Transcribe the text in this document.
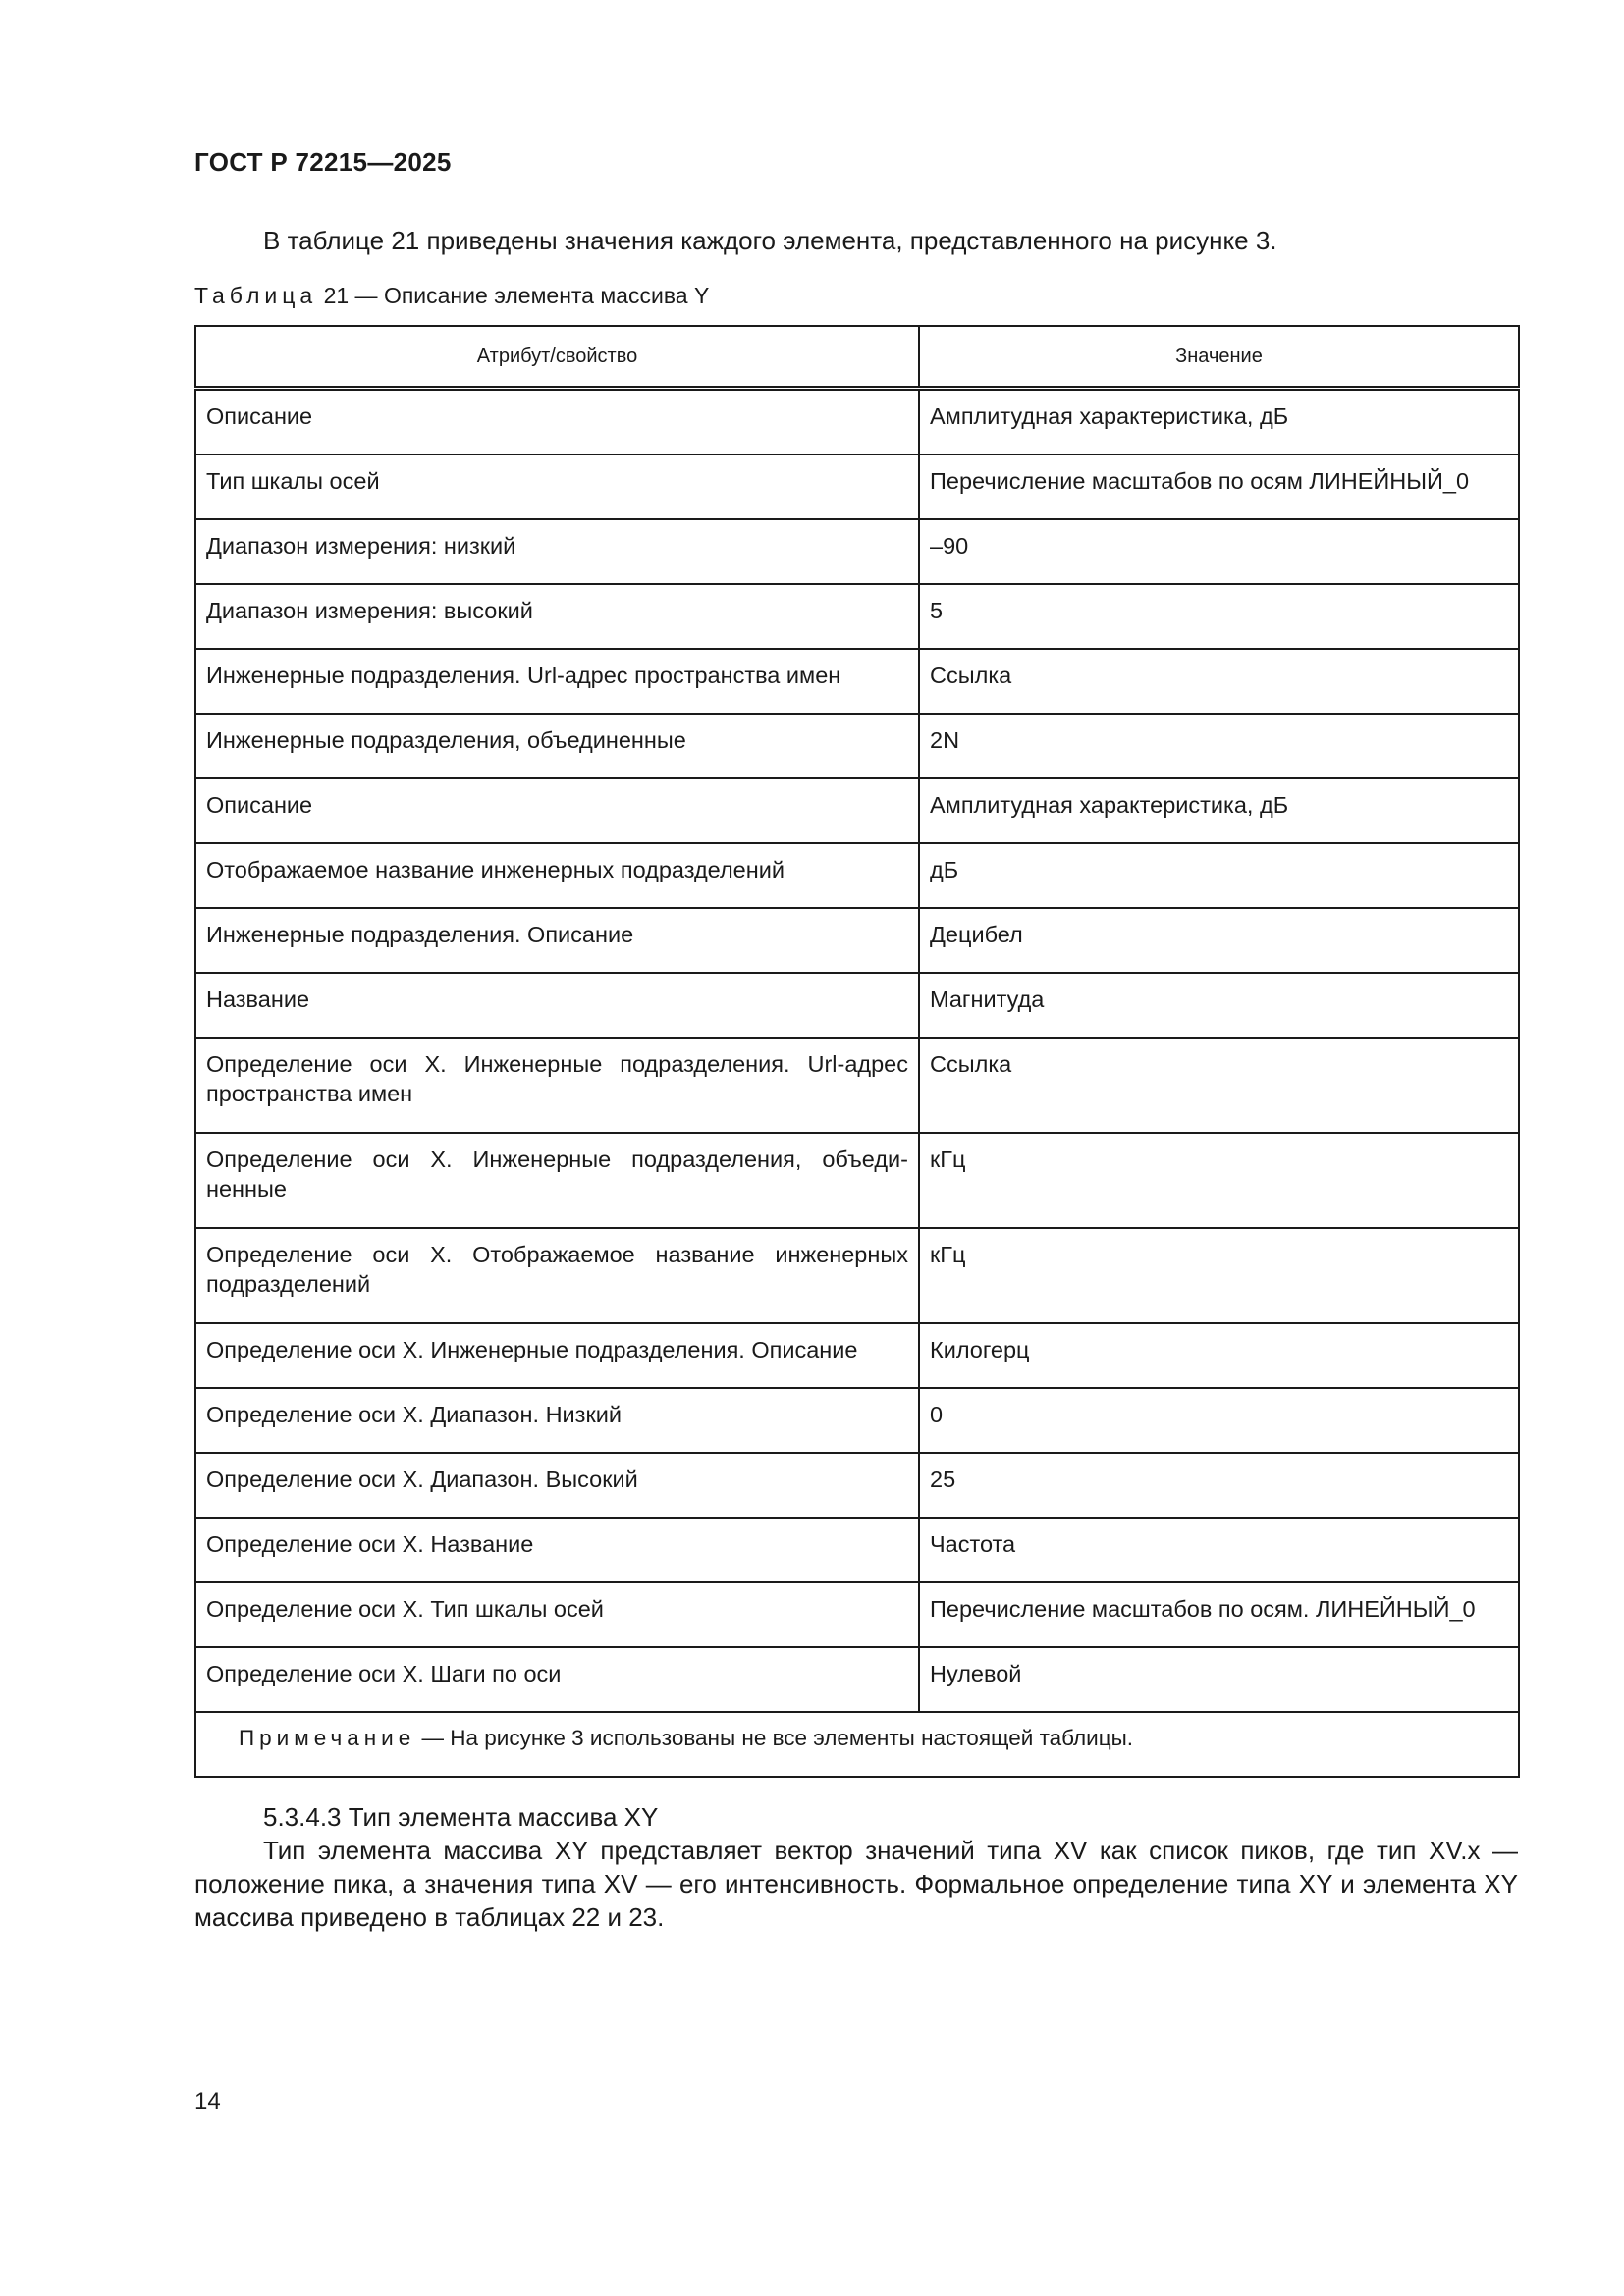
ГОСТ Р 72215—2025
В таблице 21 приведены значения каждого элемента, представленного на рисунке 3.
Таблица 21 — Описание элемента массива Y
Атрибут/свойство	Значение
Описание	Амплитудная характеристика, дБ
Тип шкалы осей	Перечисление масштабов по осям ЛИНЕЙНЫЙ_0
Диапазон измерения: низкий	–90
Диапазон измерения: высокий	5
Инженерные подразделения. Url-адрес пространства имен	Ссылка
Инженерные подразделения, объединенные	2N
Описание	Амплитудная характеристика, дБ
Отображаемое название инженерных подразделений	дБ
Инженерные подразделения. Описание	Децибел
Название	Магнитуда
Определение оси X. Инженерные подразделения. Url-адрес пространства имен	Ссылка
Определение оси X. Инженерные подразделения, объединенные	кГц
Определение оси X. Отображаемое название инженерных подразделений	кГц
Определение оси X. Инженерные подразделения. Описание	Килогерц
Определение оси X. Диапазон. Низкий	0
Определение оси X. Диапазон. Высокий	25
Определение оси X. Название	Частота
Определение оси X. Тип шкалы осей	Перечисление масштабов по осям. ЛИНЕЙНЫЙ_0
Определение оси X. Шаги по оси	Нулевой
Примечание — На рисунке 3 использованы не все элементы настоящей таблицы.	
5.3.4.3 Тип элемента массива XY
Тип элемента массива XY представляет вектор значений типа XV как список пиков, где тип XV.x — положение пика, а значения типа XV — его интенсивность. Формальное определение типа XY и элемента XY массива приведено в таблицах 22 и 23.
14
